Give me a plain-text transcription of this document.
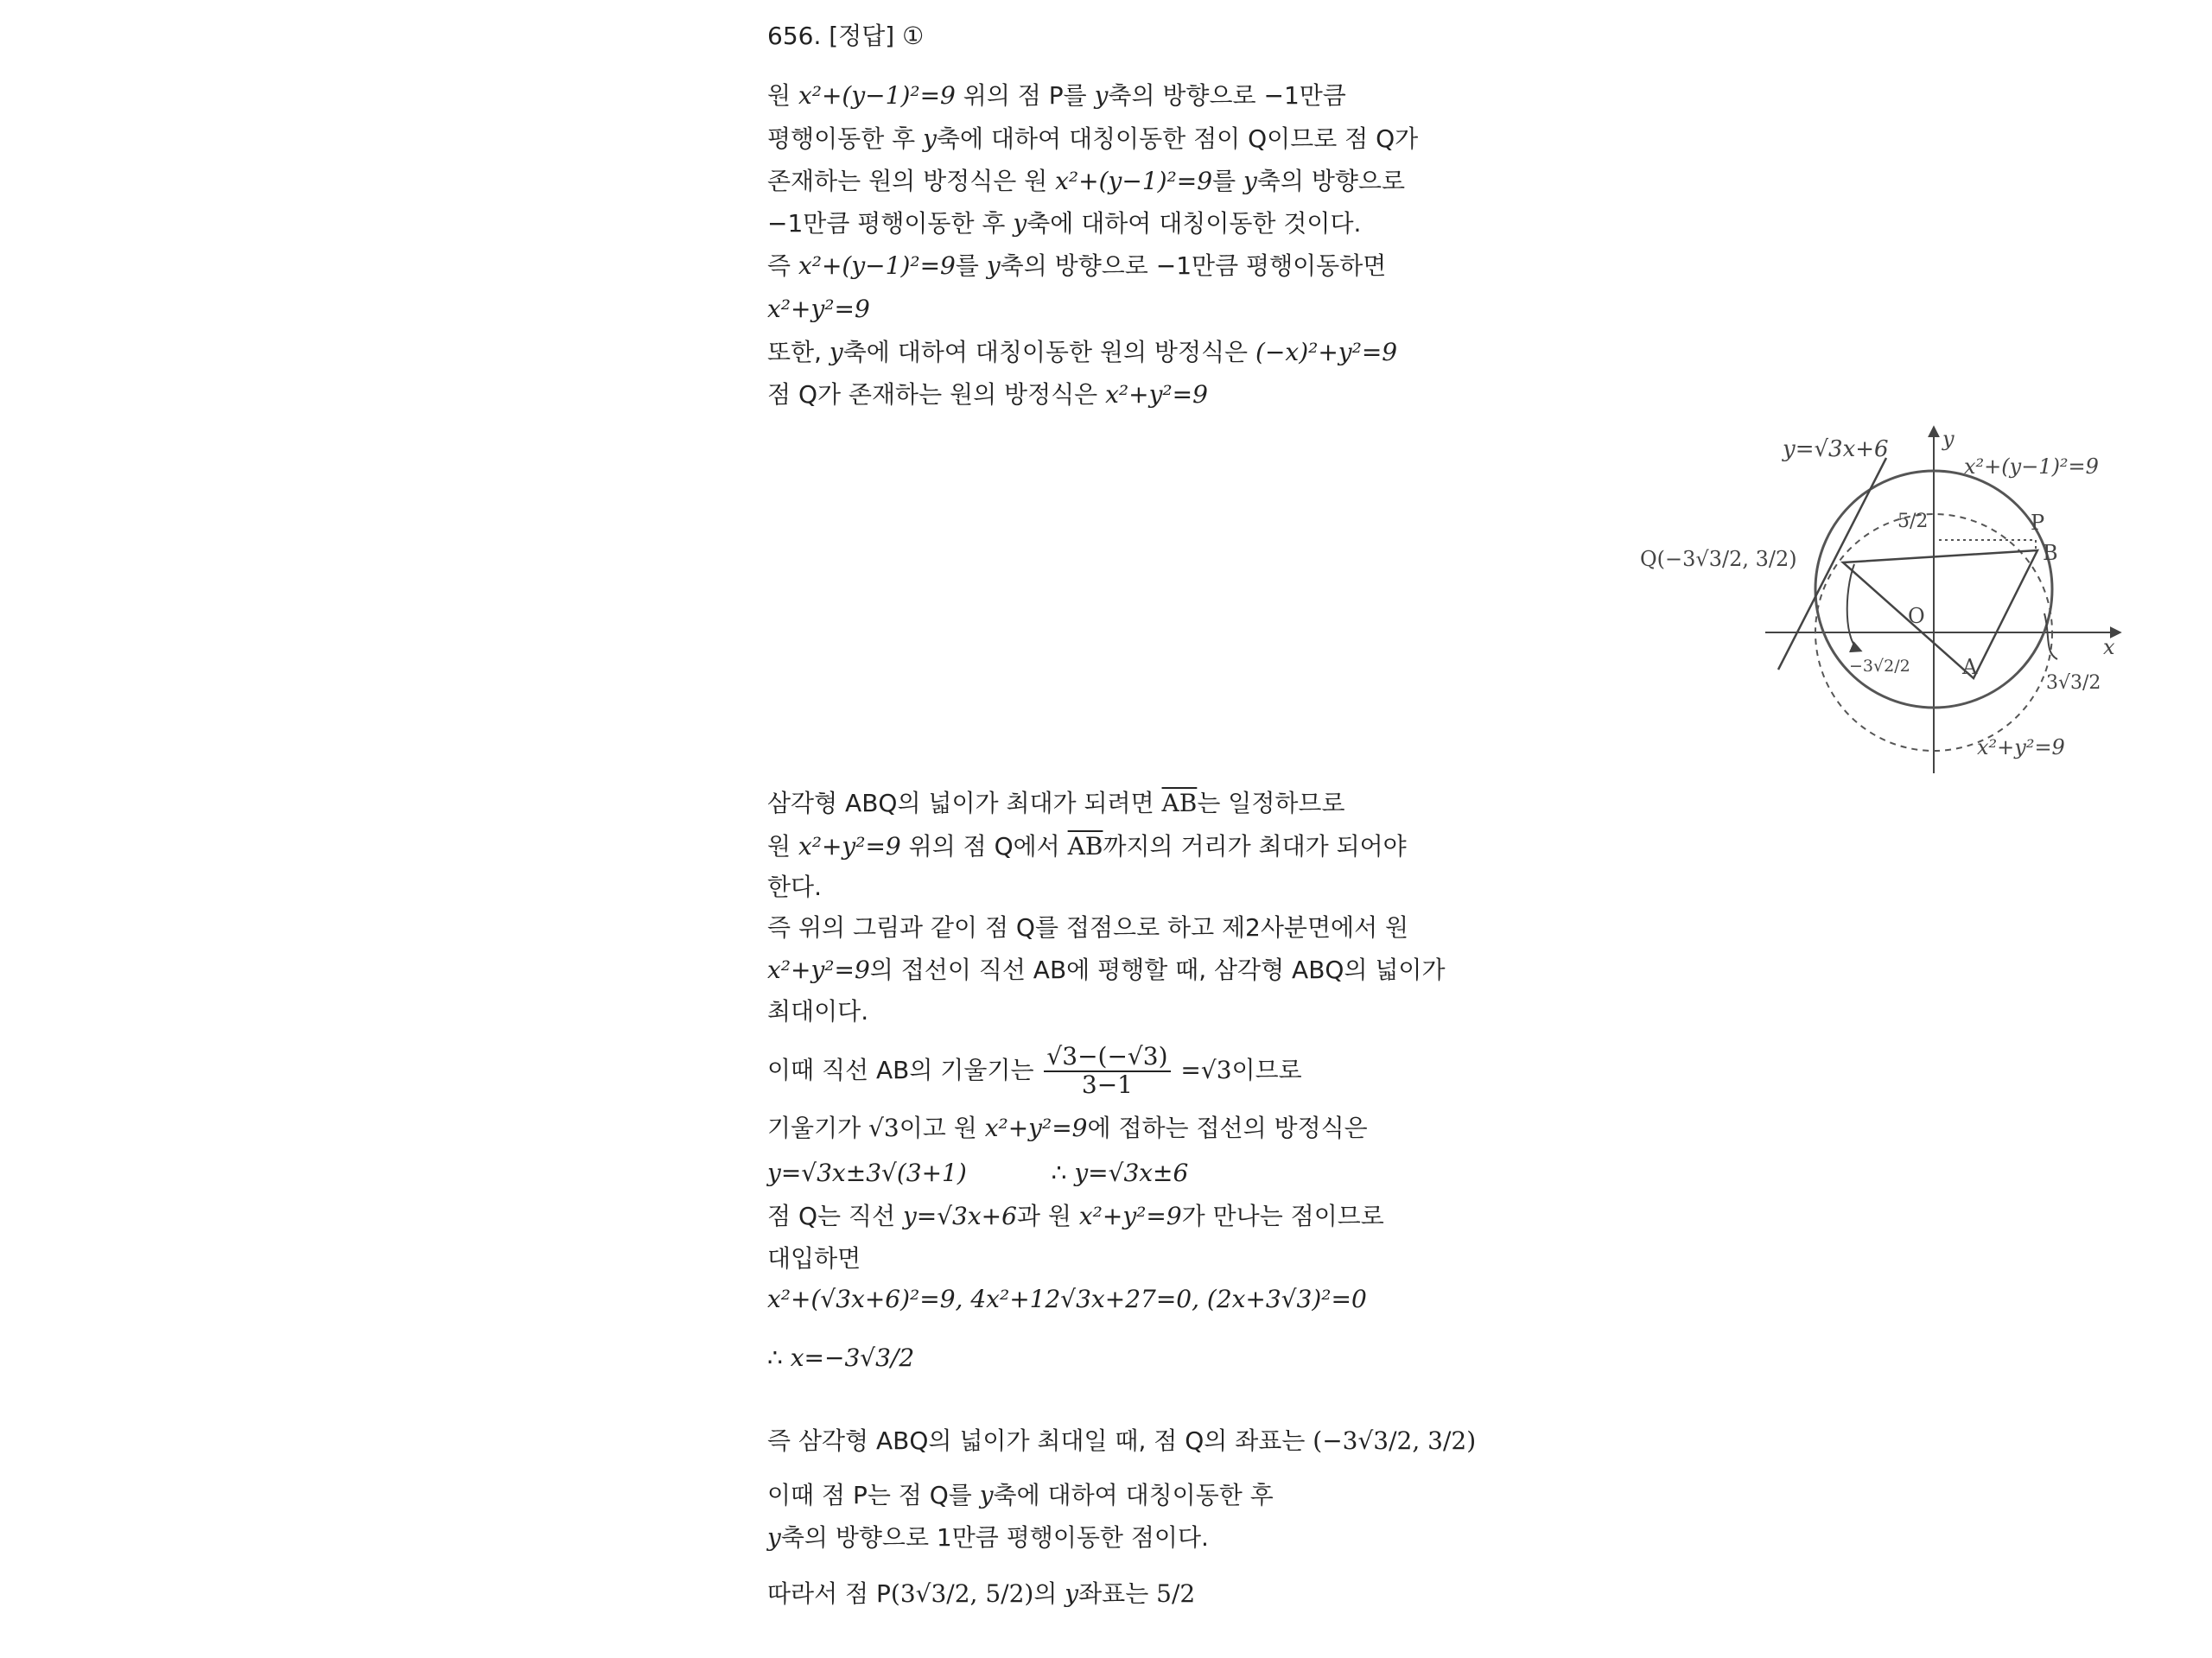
656. [정답] ①
원 x²+(y−1)²=9 위의 점 P를 y축의 방향으로 −1만큼
평행이동한 후 y축에 대하여 대칭이동한 점이 Q이므로 점 Q가
존재하는 원의 방정식은 원 x²+(y−1)²=9를 y축의 방향으로
−1만큼 평행이동한 후 y축에 대하여 대칭이동한 것이다.
즉 x²+(y−1)²=9를 y축의 방향으로 −1만큼 평행이동하면
x²+y²=9
또한, y축에 대하여 대칭이동한 원의 방정식은 (−x)²+y²=9
점 Q가 존재하는 원의 방정식은 x²+y²=9
y=√3x+6
x²+(y−1)²=9
x²+y²=9
y
x
O
P
B
A
5/2
Q(−3√3/2, 3/2)
−3√2/2
3√3/2
삼각형 ABQ의 넓이가 최대가 되려면 $\overline{AB}$는 일정하므로
원 x²+y²=9 위의 점 Q에서 $\overline{AB}$까지의 거리가 최대가 되어야
한다.
즉 위의 그림과 같이 점 Q를 접점으로 하고 제2사분면에서 원
x²+y²=9의 접선이 직선 AB에 평행할 때, 삼각형 ABQ의 넓이가
최대이다.
이때 직선 AB의 기울기는 $\frac{√3-(-√3)}{3-1} =√3$이므로
기울기가 √3이고 원 x²+y²=9에 접하는 접선의 방정식은
y=√3x±3√(3+1)	∴ y=√3x±6
점 Q는 직선 y=√3x+6과 원 x²+y²=9가 만나는 점이므로
대입하면
x²+(√3x+6)²=9, 4x²+12√3x+27=0, (2x+3√3)²=0
∴ x=−3√3/2
즉 삼각형 ABQ의 넓이가 최대일 때, 점 Q의 좌표는 (−3√3/2, 3/2)
이때 점 P는 점 Q를 y축에 대하여 대칭이동한 후
y축의 방향으로 1만큼 평행이동한 점이다.
따라서 점 P(3√3/2, 5/2)의 y좌표는 5/2
